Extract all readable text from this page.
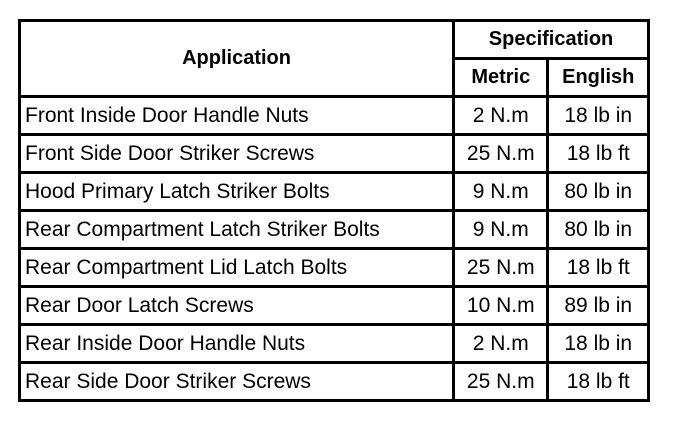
Application	Specification	
	Metric	English
Front Inside Door Handle Nuts	2 N.m	18 lb in
Front Side Door Striker Screws	25 N.m	18 lb ft
Hood Primary Latch Striker Bolts	9 N.m	80 lb in
Rear Compartment Latch Striker Bolts	9 N.m	80 lb in
Rear Compartment Lid Latch Bolts	25 N.m	18 lb ft
Rear Door Latch Screws	10 N.m	89 lb in
Rear Inside Door Handle Nuts	2 N.m	18 lb in
Rear Side Door Striker Screws	25 N.m	18 lb ft
